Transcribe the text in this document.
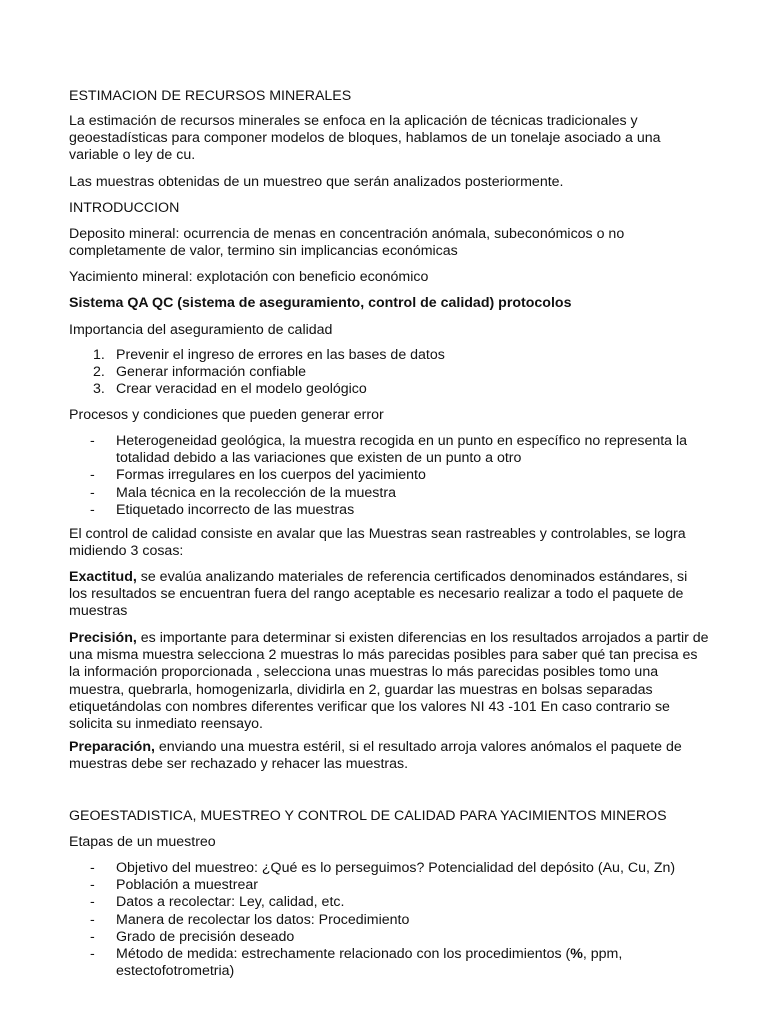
ESTIMACION DE RECURSOS MINERALES

La estimación de recursos minerales se enfoca en la aplicación de técnicas tradicionales y geoestadísticas para componer modelos de bloques, hablamos de un tonelaje asociado a una variable o ley de cu.

Las muestras obtenidas de un muestreo que serán analizados posteriormente.

INTRODUCCION

Deposito mineral: ocurrencia de menas en concentración anómala, subeconómicos o no completamente de valor, termino sin implicancias económicas

Yacimiento mineral: explotación con beneficio económico

Sistema QA QC (sistema de aseguramiento, control de calidad) protocolos

Importancia del aseguramiento de calidad

1. Prevenir el ingreso de errores en las bases de datos
2. Generar información confiable
3. Crear veracidad en el modelo geológico

Procesos y condiciones que pueden generar error

- Heterogeneidad geológica, la muestra recogida en un punto en específico no representa la totalidad debido a las variaciones que existen de un punto a otro
- Formas irregulares en los cuerpos del yacimiento
- Mala técnica en la recolección de la muestra
- Etiquetado incorrecto de las muestras

El control de calidad consiste en avalar que las Muestras sean rastreables y controlables, se logra midiendo 3 cosas:

Exactitud, se evalúa analizando materiales de referencia certificados denominados estándares, si los resultados se encuentran fuera del rango aceptable es necesario realizar a todo el paquete de muestras

Precisión, es importante para determinar si existen diferencias en los resultados arrojados a partir de una misma muestra selecciona 2 muestras lo más parecidas posibles para saber qué tan precisa es la información proporcionada , selecciona unas muestras lo más parecidas posibles tomo una muestra, quebrarla, homogenizarla, dividirla en 2, guardar las muestras en bolsas separadas etiquetándolas con nombres diferentes verificar que los valores NI 43 -101 En caso contrario se solicita su inmediato reensayo.

Preparación, enviando una muestra estéril, si el resultado arroja valores anómalos el paquete de muestras debe ser rechazado y rehacer las muestras.

GEOESTADISTICA, MUESTREO Y CONTROL DE CALIDAD PARA YACIMIENTOS MINEROS

Etapas de un muestreo

- Objetivo del muestreo: ¿Qué es lo perseguimos? Potencialidad del depósito (Au, Cu, Zn)
- Población a muestrear
- Datos a recolectar: Ley, calidad, etc.
- Manera de recolectar los datos: Procedimiento
- Grado de precisión deseado
- Método de medida: estrechamente relacionado con los procedimientos (%, ppm, estectofotrometria)
